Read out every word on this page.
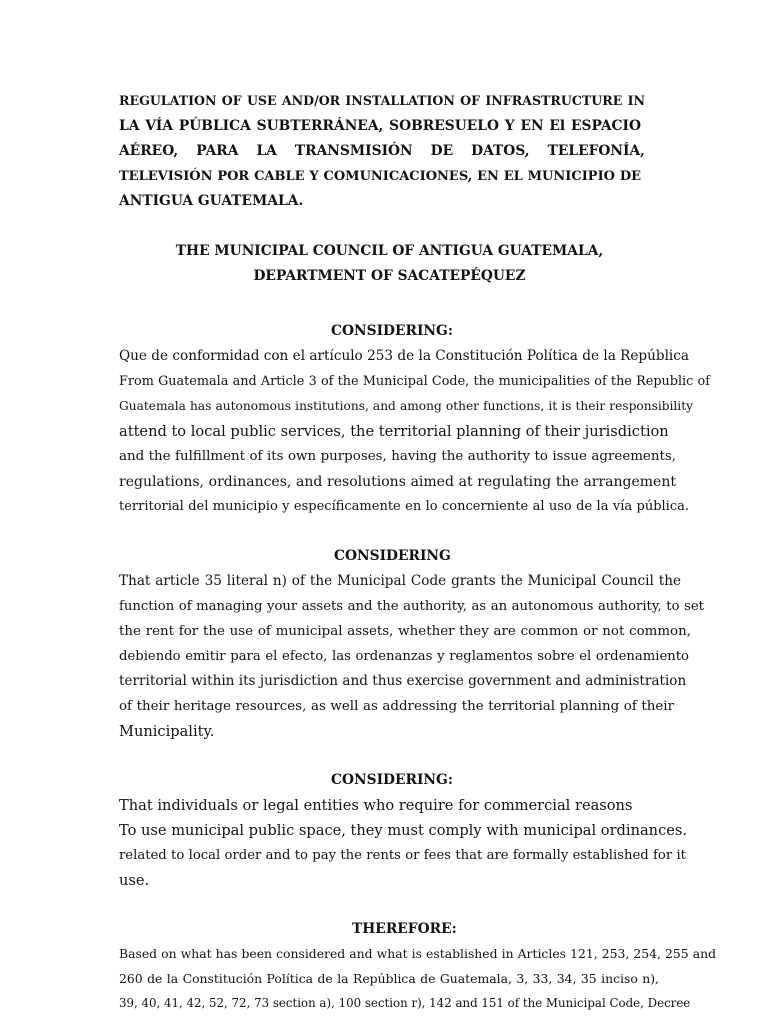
REGULATION OF USE AND/OR INSTALLATION OF INFRASTRUCTURE IN
LA VÍA PÚBLICA SUBTERRÁNEA, SOBRESUELO Y EN El ESPACIO
AÉREO, PARA LA TRANSMISIÓN DE DATOS, TELEFONÍA,
TELEVISIÓN POR CABLE Y COMUNICACIONES, EN EL MUNICIPIO DE
ANTIGUA GUATEMALA.
THE MUNICIPAL COUNCIL OF ANTIGUA GUATEMALA,
DEPARTMENT OF SACATEPÉQUEZ
CONSIDERING:
Que de conformidad con el artículo 253 de la Constitución Política de la República
From Guatemala and Article 3 of the Municipal Code, the municipalities of the Republic of
Guatemala has autonomous institutions, and among other functions, it is their responsibility
attend to local public services, the territorial planning of their jurisdiction
and the fulfillment of its own purposes, having the authority to issue agreements,
regulations, ordinances, and resolutions aimed at regulating the arrangement
territorial del municipio y específicamente en lo concerniente al uso de la vía pública.
CONSIDERING
That article 35 literal n) of the Municipal Code grants the Municipal Council the
function of managing your assets and the authority, as an autonomous authority, to set
the rent for the use of municipal assets, whether they are common or not common,
debiendo emitir para el efecto, las ordenanzas y reglamentos sobre el ordenamiento
territorial within its jurisdiction and thus exercise government and administration
of their heritage resources, as well as addressing the territorial planning of their
Municipality.
CONSIDERING:
That individuals or legal entities who require for commercial reasons
To use municipal public space, they must comply with municipal ordinances.
related to local order and to pay the rents or fees that are formally established for it
use.
THEREFORE:
Based on what has been considered and what is established in Articles 121, 253, 254, 255 and
260 de la Constitución Política de la República de Guatemala, 3, 33, 34, 35 inciso n),
39, 40, 41, 42, 52, 72, 73 section a), 100 section r), 142 and 151 of the Municipal Code, Decree
